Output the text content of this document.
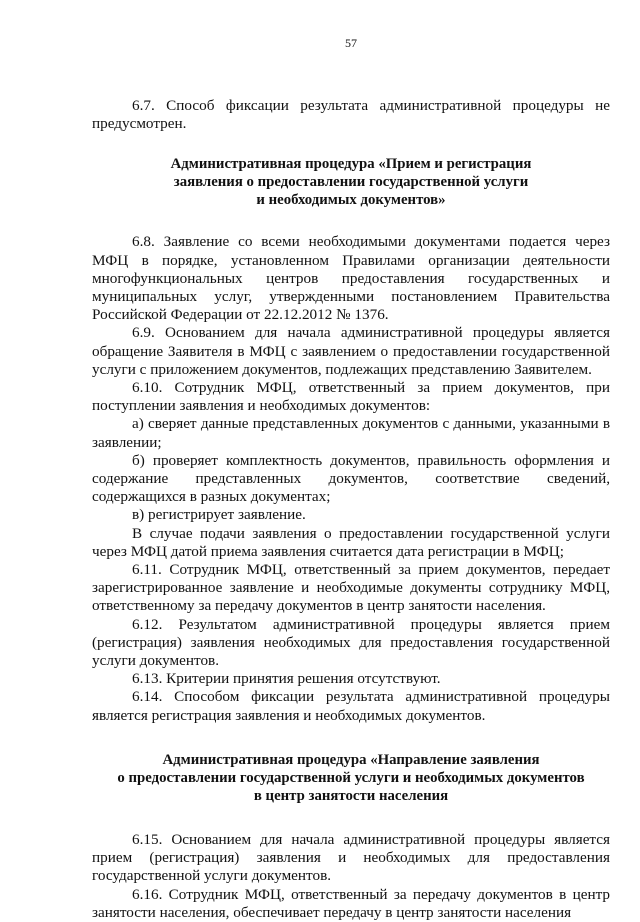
57

6.7. Способ фиксации результата административной процедуры не предусмотрен.

Административная процедура «Прием и регистрация
заявления о предоставлении государственной услуги
и необходимых документов»

6.8. Заявление со всеми необходимыми документами подается через МФЦ в порядке, установленном Правилами организации деятельности многофункциональных центров предоставления государственных и муниципальных услуг, утвержденными постановлением Правительства Российской Федерации от 22.12.2012 № 1376.

6.9. Основанием для начала административной процедуры является обращение Заявителя в МФЦ с заявлением о предоставлении государственной услуги с приложением документов, подлежащих представлению Заявителем.

6.10. Сотрудник МФЦ, ответственный за прием документов, при поступлении заявления и необходимых документов:

а) сверяет данные представленных документов с данными, указанными в заявлении;

б) проверяет комплектность документов, правильность оформления и содержание представленных документов, соответствие сведений, содержащихся в разных документах;

в) регистрирует заявление.

В случае подачи заявления о предоставлении государственной услуги через МФЦ датой приема заявления считается дата регистрации в МФЦ;

6.11. Сотрудник МФЦ, ответственный за прием документов, передает зарегистрированное заявление и необходимые документы сотруднику МФЦ, ответственному за передачу документов в центр занятости населения.

6.12. Результатом административной процедуры является прием (регистрация) заявления необходимых для предоставления государственной услуги документов.

6.13. Критерии принятия решения отсутствуют.

6.14. Способом фиксации результата административной процедуры является регистрация заявления и необходимых документов.

Административная процедура «Направление заявления
о предоставлении государственной услуги и необходимых документов
в центр занятости населения

6.15. Основанием для начала административной процедуры является прием (регистрация) заявления и необходимых для предоставления государственной услуги документов.

6.16. Сотрудник МФЦ, ответственный за передачу документов в центр занятости населения, обеспечивает передачу в центр занятости населения
